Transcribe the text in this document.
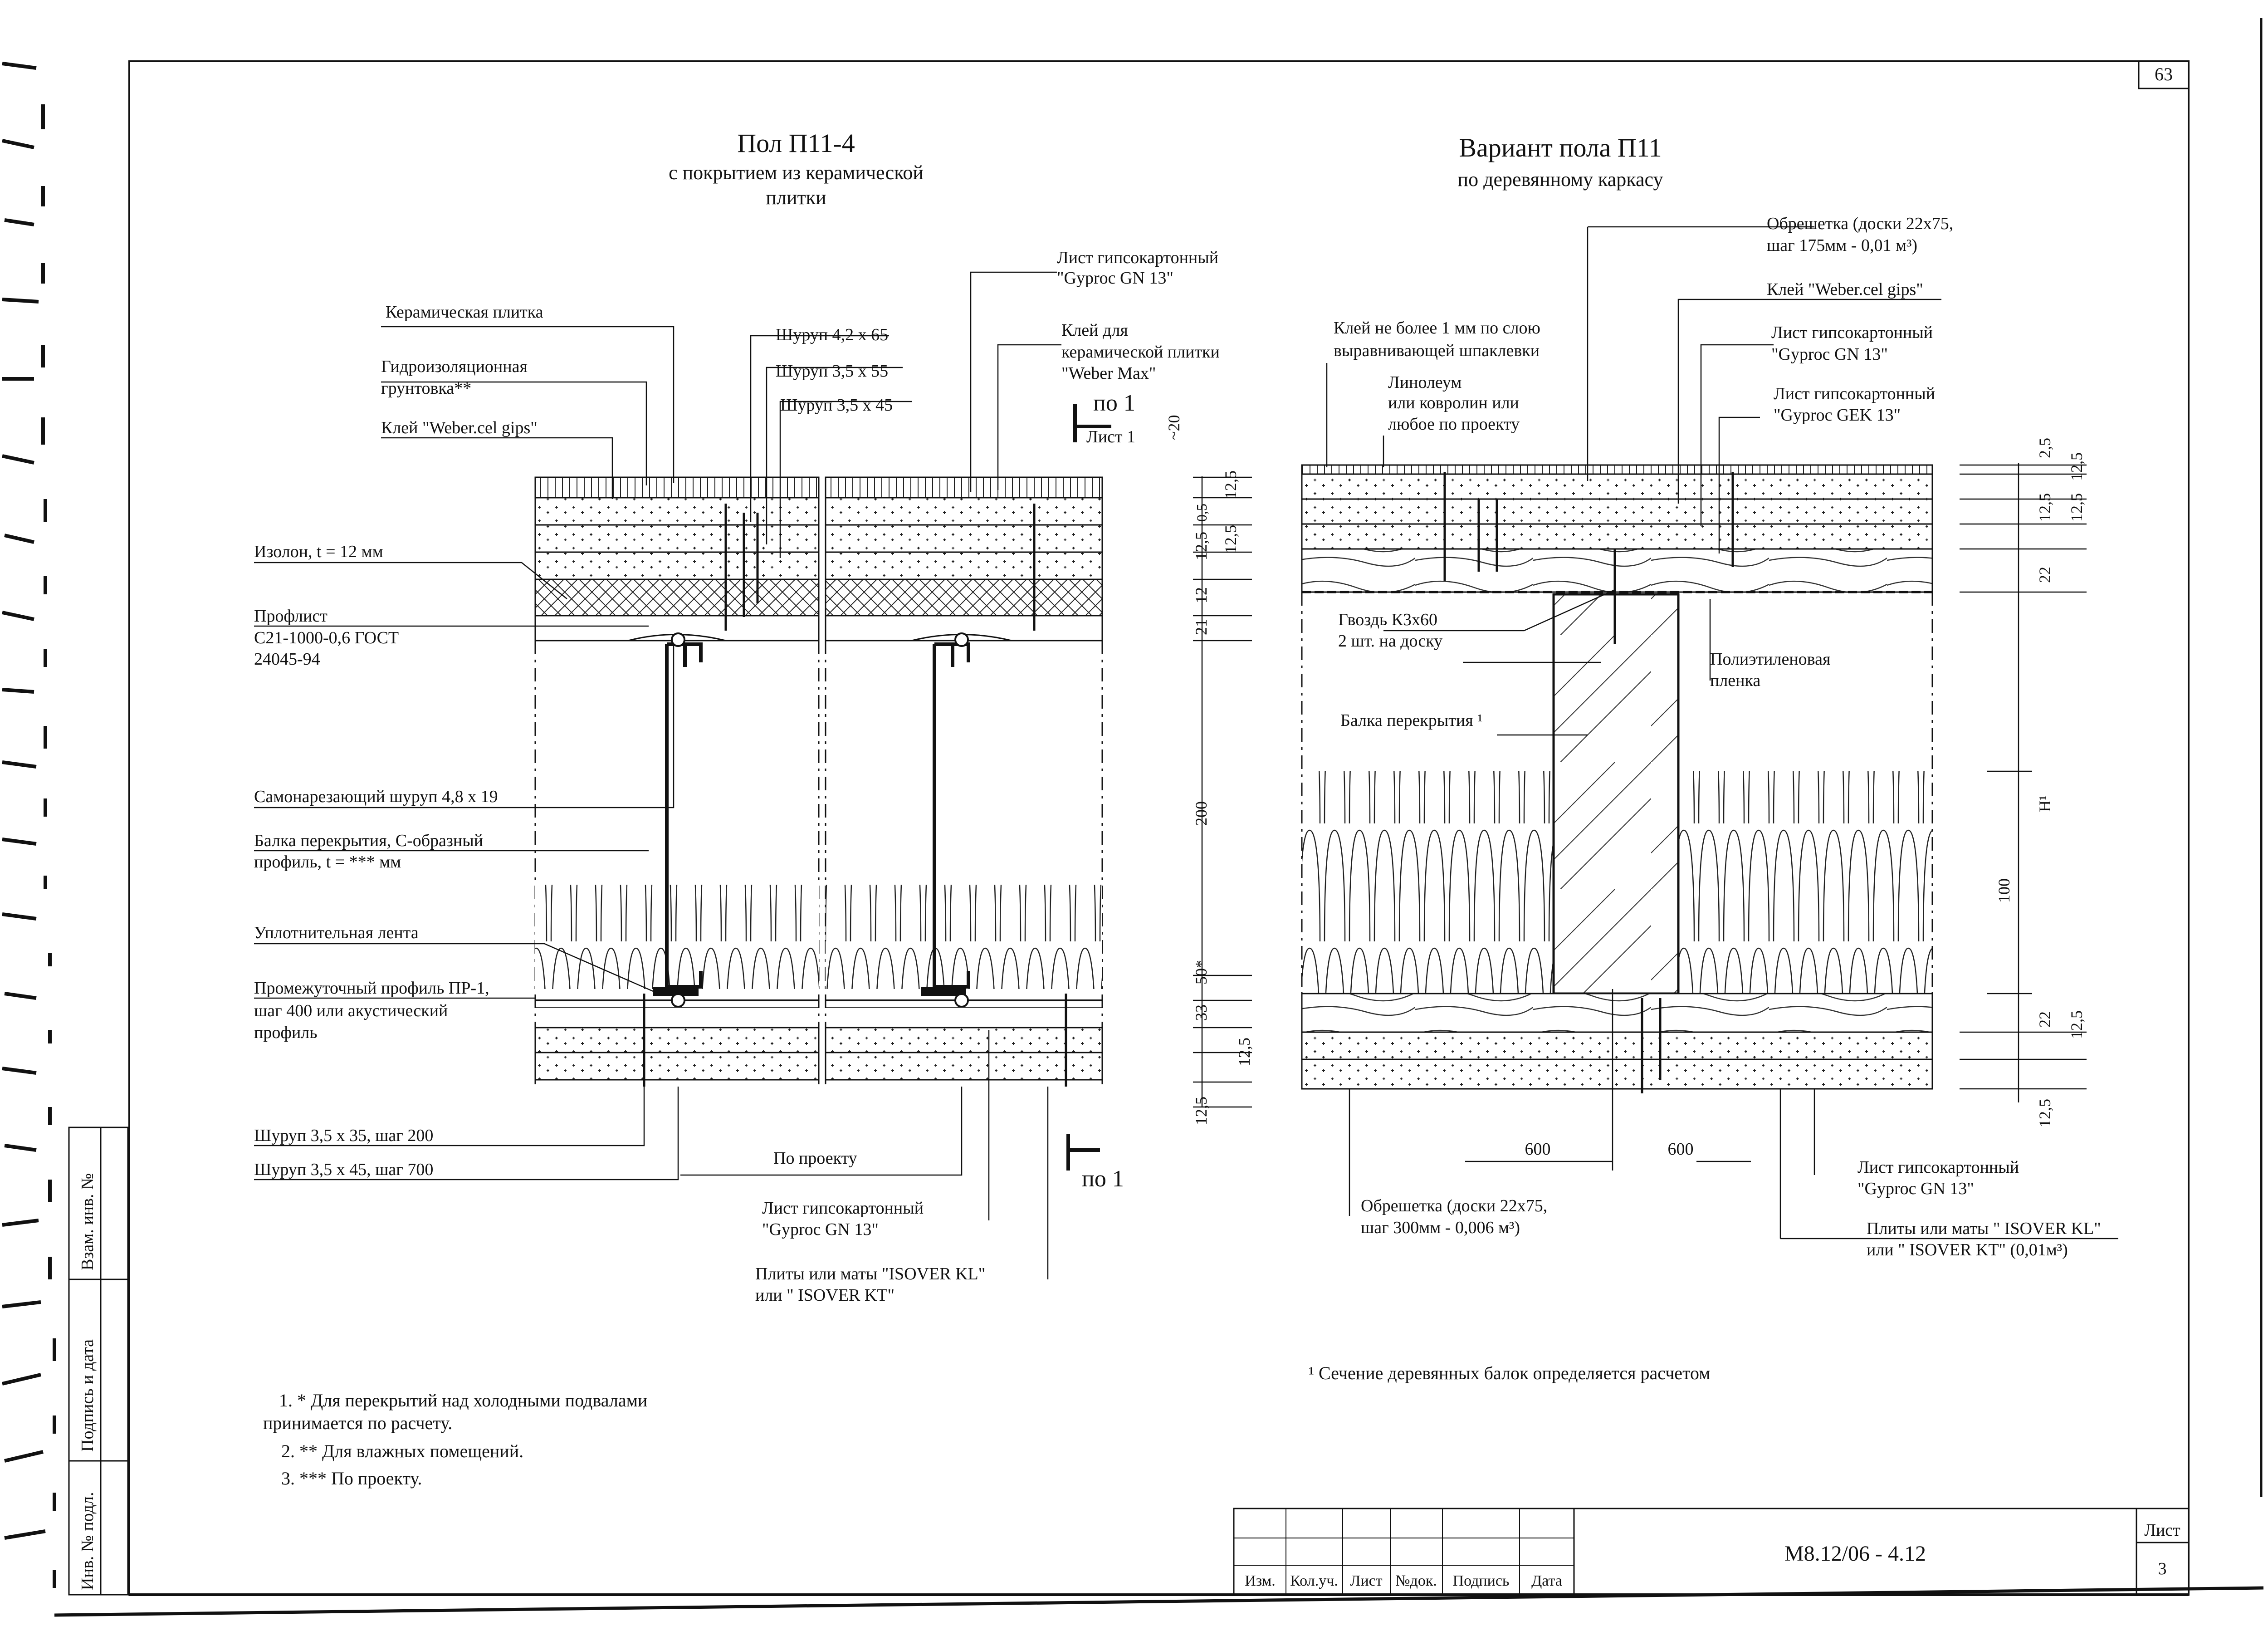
63
Инв. № подл.
Подпись и дата
Взам. инв. №
Изм. Кол.уч. Лист №док. Подпись Дата
М8.12/06 - 4.12
Лист
3
Пол П11-4
с покрытием из керамической
плитки
Керамическая плитка
Гидроизоляционная
грунтовка**
Клей "Weber.cel gips"
Изолон, t = 12 мм
Профлист
С21-1000-0,6 ГОСТ
24045-94
Самонарезающий шуруп 4,8 х 19
Балка перекрытия, С-образный
профиль, t = *** мм
Уплотнительная лента
Промежуточный профиль ПР-1,
шаг 400 или акустический
профиль
Шуруп 3,5 х 35, шаг 200
Шуруп 3,5 х 45, шаг 700
Шуруп 4,2 х 65
Шуруп 3,5 х 55
Шуруп 3,5 х 45
Лист гипсокартонный
"Gyproc GN 13"
Клей для
керамической плитки
"Weber Max"
по 1
Лист 1
По проекту
Лист гипсокартонный
"Gyproc GN 13"
Плиты или маты "ISOVER KL"
или " ISOVER KT"
по 1
~20
12,5
0,5
12,5
12,5
12
21
200
50*
33
12,5
12,5
Вариант пола П11
по деревянному каркасу
Обрешетка (доски 22х75,
шаг 175мм - 0,01 м³)
Клей "Weber.cel gips"
Лист гипсокартонный
"Gyproc GN 13"
Лист гипсокартонный
"Gyproc GEK 13"
Клей не более 1 мм по слою
выравнивающей шпаклевки
Линолеум
или ковролин или
любое по проекту
Гвоздь К3х60
2 шт. на доску
Полиэтиленовая
пленка
Балка перекрытия ¹
Лист гипсокартонный
"Gyproc GN 13"
Обрешетка (доски 22х75,
шаг 300мм - 0,006 м³)	Плиты или маты " ISOVER KL"
или " ISOVER KT" (0,01м³)
600	600
2,5
12,5
12,5 12,5
22
H¹
100
22 12,5
12,5
1. * Для перекрытий над холодными подвалами
принимается по расчету.
2. ** Для влажных помещений.
3. *** По проекту.
¹ Сечение деревянных балок определяется расчетом
